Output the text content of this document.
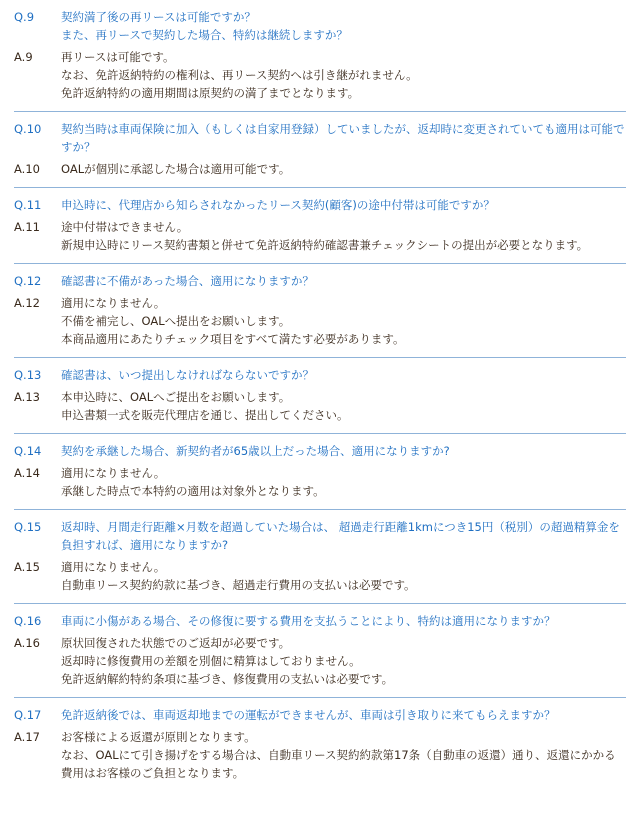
Q.9	契約満了後の再リースは可能ですか？
また、再リースで契約した場合、特約は継続しますか？
A.9	再リースは可能です。
なお、免許返納特約の権利は、再リース契約へは引き継がれません。
免許返納特約の適用期間は原契約の満了までとなります。
Q.10	契約当時は車両保険に加入（もしくは自家用登録）していましたが、返却時に変更されていても適用は可能ですか？
A.10	OALが個別に承認した場合は適用可能です。
Q.11	申込時に、代理店から知らされなかったリース契約(顧客)の途中付帯は可能ですか？
A.11	途中付帯はできません。
新規申込時にリース契約書類と併せて免許返納特約確認書兼チェックシートの提出が必要となります。
Q.12	確認書に不備があった場合、適用になりますか？
A.12	適用になりません。
不備を補完し、OALへ提出をお願いします。
本商品適用にあたりチェック項目をすべて満たす必要があります。
Q.13	確認書は、いつ提出しなければならないですか？
A.13	本申込時に、OALへご提出をお願いします。
申込書類一式を販売代理店を通じ、提出してください。
Q.14	契約を承継した場合、新契約者が65歳以上だった場合、適用になりますか?
A.14	適用になりません。
承継した時点で本特約の適用は対象外となります。
Q.15	返却時、月間走行距離×月数を超過していた場合は、 超過走行距離1kmにつき15円（税別）の超過精算金を負担すれば、適用になりますか?
A.15	適用になりません。
自動車リース契約約款に基づき、超過走行費用の支払いは必要です。
Q.16	車両に小傷がある場合、その修復に要する費用を支払うことにより、特約は適用になりますか？
A.16	原状回復された状態でのご返却が必要です。
返却時に修復費用の差額を別個に精算はしておりません。
免許返納解約特約条項に基づき、修復費用の支払いは必要です。
Q.17	免許返納後では、車両返却地までの運転ができませんが、車両は引き取りに来てもらえますか？
A.17	お客様による返還が原則となります。
なお、OALにて引き揚げをする場合は、自動車リース契約約款第17条（自動車の返還）通り、返還にかかる費用はお客様のご負担となります。
